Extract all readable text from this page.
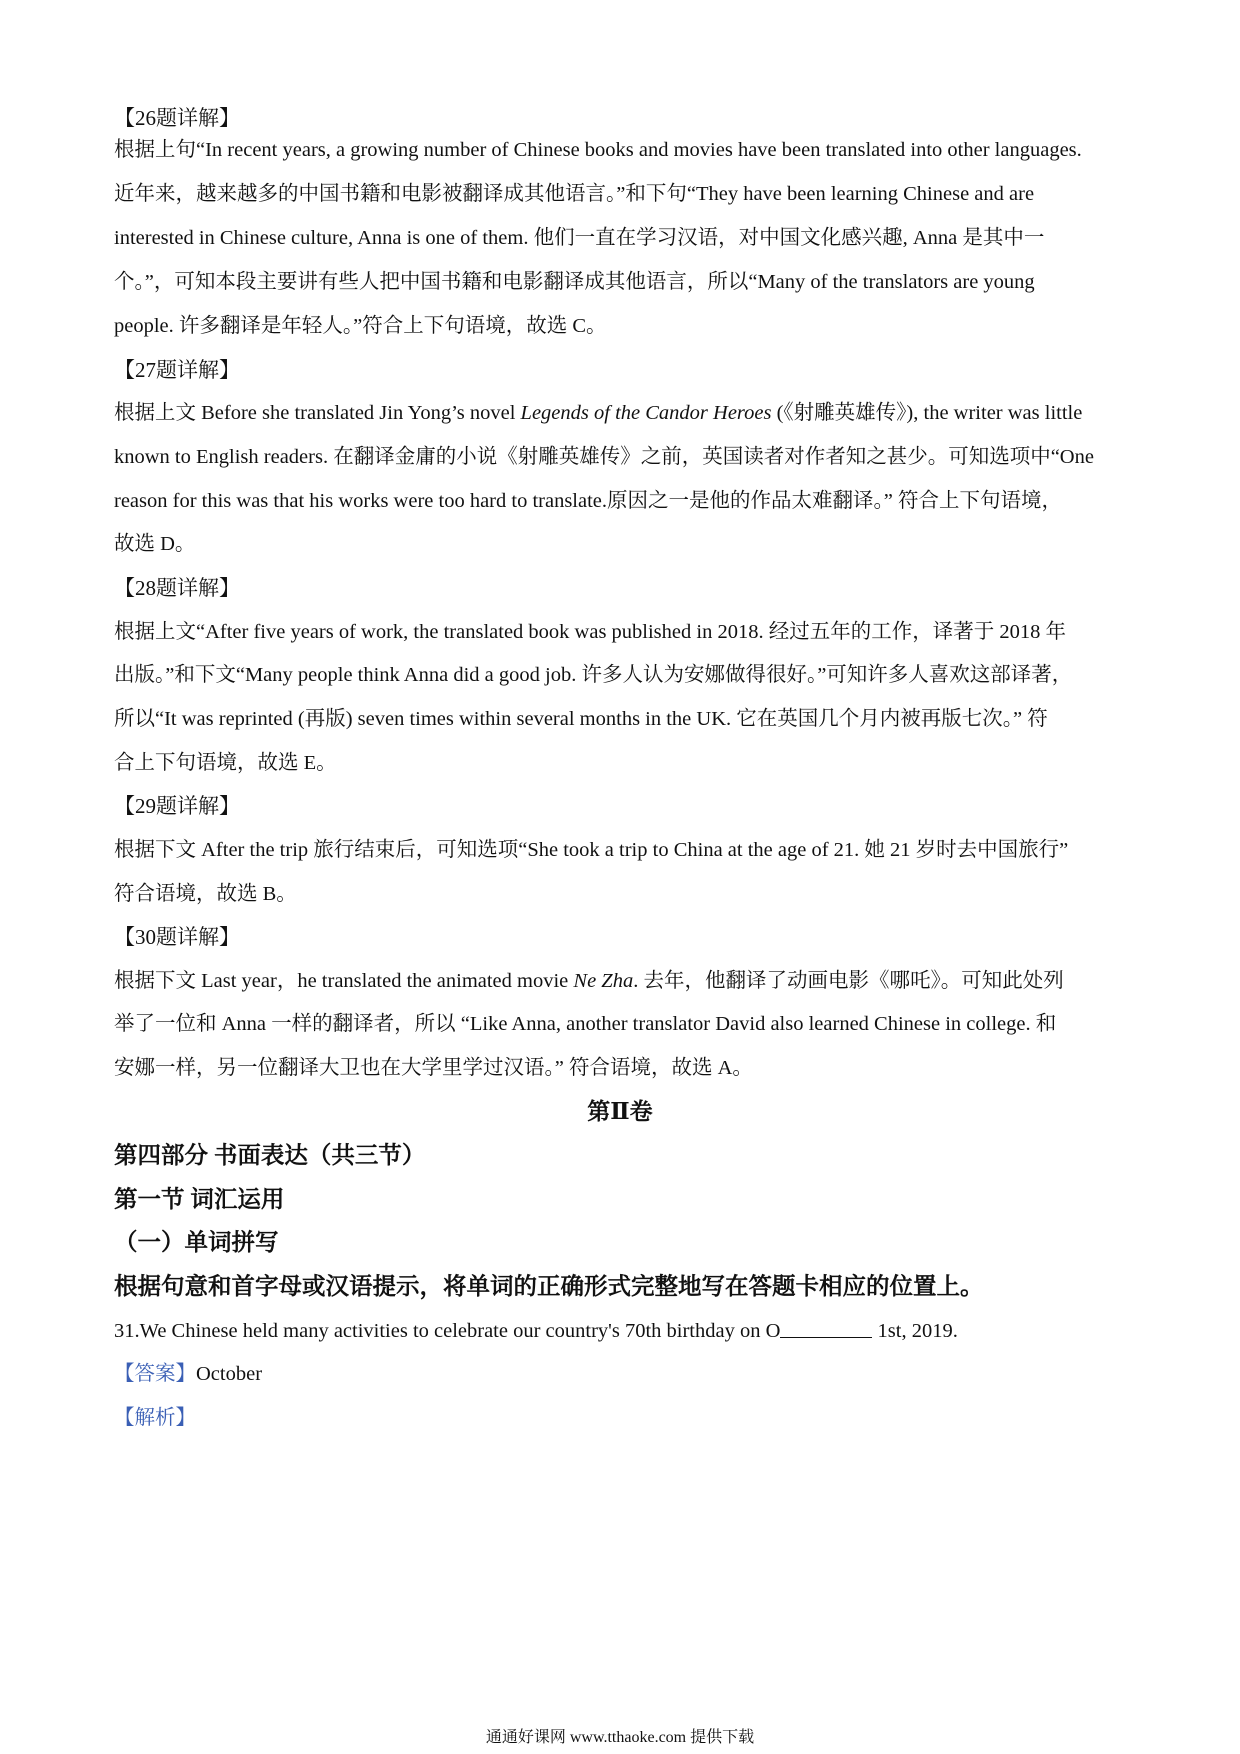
【26题详解】
根据上句“In recent years, a growing number of Chinese books and movies have been translated into other languages.
近年来，越来越多的中国书籍和电影被翻译成其他语言。”和下句“They have been learning Chinese and are
interested in Chinese culture, Anna is one of them. 他们一直在学习汉语，对中国文化感兴趣, Anna 是其中一
个。”，可知本段主要讲有些人把中国书籍和电影翻译成其他语言，所以“Many of the translators are young
people. 许多翻译是年轻人。”符合上下句语境，故选 C。
【27题详解】
根据上文 Before she translated Jin Yong’s novel Legends of the Candor Heroes (《射雕英雄传》), the writer was little
known to English readers. 在翻译金庸的小说《射雕英雄传》之前，英国读者对作者知之甚少。可知选项中“One
reason for this was that his works were too hard to translate.原因之一是他的作品太难翻译。” 符合上下句语境，
故选 D。
【28题详解】
根据上文“After five years of work, the translated book was published in 2018. 经过五年的工作，译著于 2018 年
出版。”和下文“Many people think Anna did a good job. 许多人认为安娜做得很好。”可知许多人喜欢这部译著，
所以“It was reprinted (再版) seven times within several months in the UK. 它在英国几个月内被再版七次。” 符
合上下句语境，故选 E。
【29题详解】
根据下文 After the trip 旅行结束后，可知选项“She took a trip to China at the age of 21. 她 21 岁时去中国旅行”
符合语境，故选 B。
【30题详解】
根据下文 Last year，he translated the animated movie Ne Zha. 去年，他翻译了动画电影《哪吒》。可知此处列
举了一位和 Anna 一样的翻译者，所以 “Like Anna, another translator David also learned Chinese in college. 和
安娜一样，另一位翻译大卫也在大学里学过汉语。” 符合语境，故选 A。
第Ⅱ卷
第四部分 书面表达（共三节）
第一节 词汇运用
（一）单词拼写
根据句意和首字母或汉语提示，将单词的正确形式完整地写在答题卡相应的位置上。
31.We Chinese held many activities to celebrate our country's 70th birthday on O	1st, 2019.
【答案】October
【解析】
通通好课网 www.tthaoke.com 提供下载
